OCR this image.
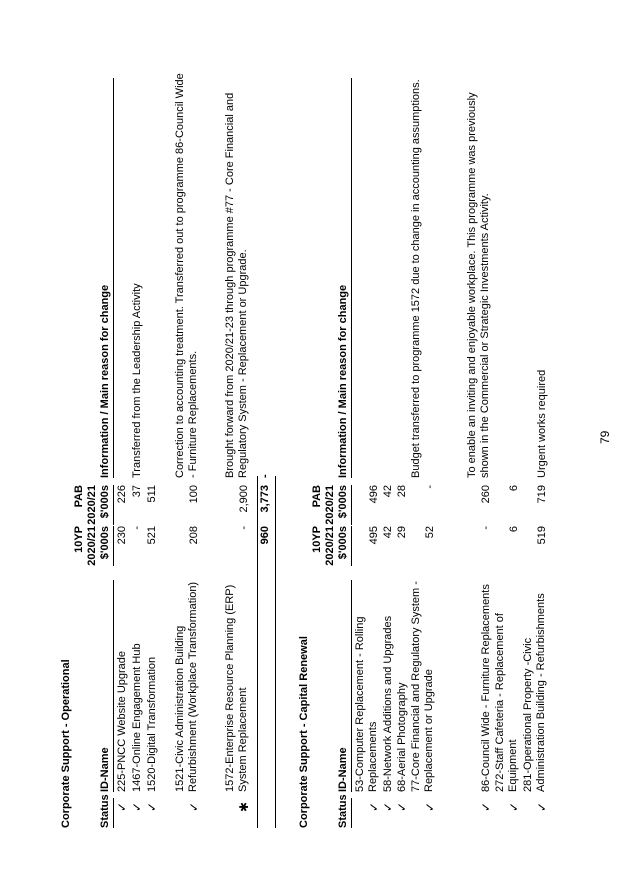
Corporate Support - Operational Status
ID-Name
10YP 2020/21 $'000s
PAB 2020/21 $'000s
Information / Main reason for change
✓
225-PNCC Website Upgrade
230
226
✓
1467-Online Engagement Hub
-
37
Transferred from the Leadership Activity
✓
1520-Digital Transformation
521
511
✓
1521-Civic Administration Building Refurbishment (Workplace Transformation)
208
100
Correction to accounting treatment. Transferred out to programme 86-Council Wide - Furniture Replacements.
✱
1572-Enterprise Resource Planning (ERP) System Replacement
-
2,900
Brought forward from 2020/21-23 through programme #77 - Core Financial and Regulatory System - Replacement or Upgrade.
960
3,773
-
Corporate Support - Capital Renewal Status
ID-Name
10YP 2020/21 $'000s
PAB 2020/21 $'000s
Information / Main reason for change
✓
53-Computer Replacement - Rolling Replacements
495
496
✓
58-Network Additions and Upgrades
42
42
✓
68-Aerial Photography
29
28
✓
77-Core Financial and Regulatory System - Replacement or Upgrade
52
-
Budget transferred to programme 1572 due to change in accounting assumptions.
✓
86-Council Wide - Furniture Replacements
-
260
To enable an inviting and enjoyable workplace. This programme was previously shown in the Commercial or Strategic Investments Activity.
✓
272-Staff Cafeteria - Replacement of Equipment
6
6
✓
281-Operational Property -Civic Administration Building - Refurbishments
519
719
Urgent works required	79
